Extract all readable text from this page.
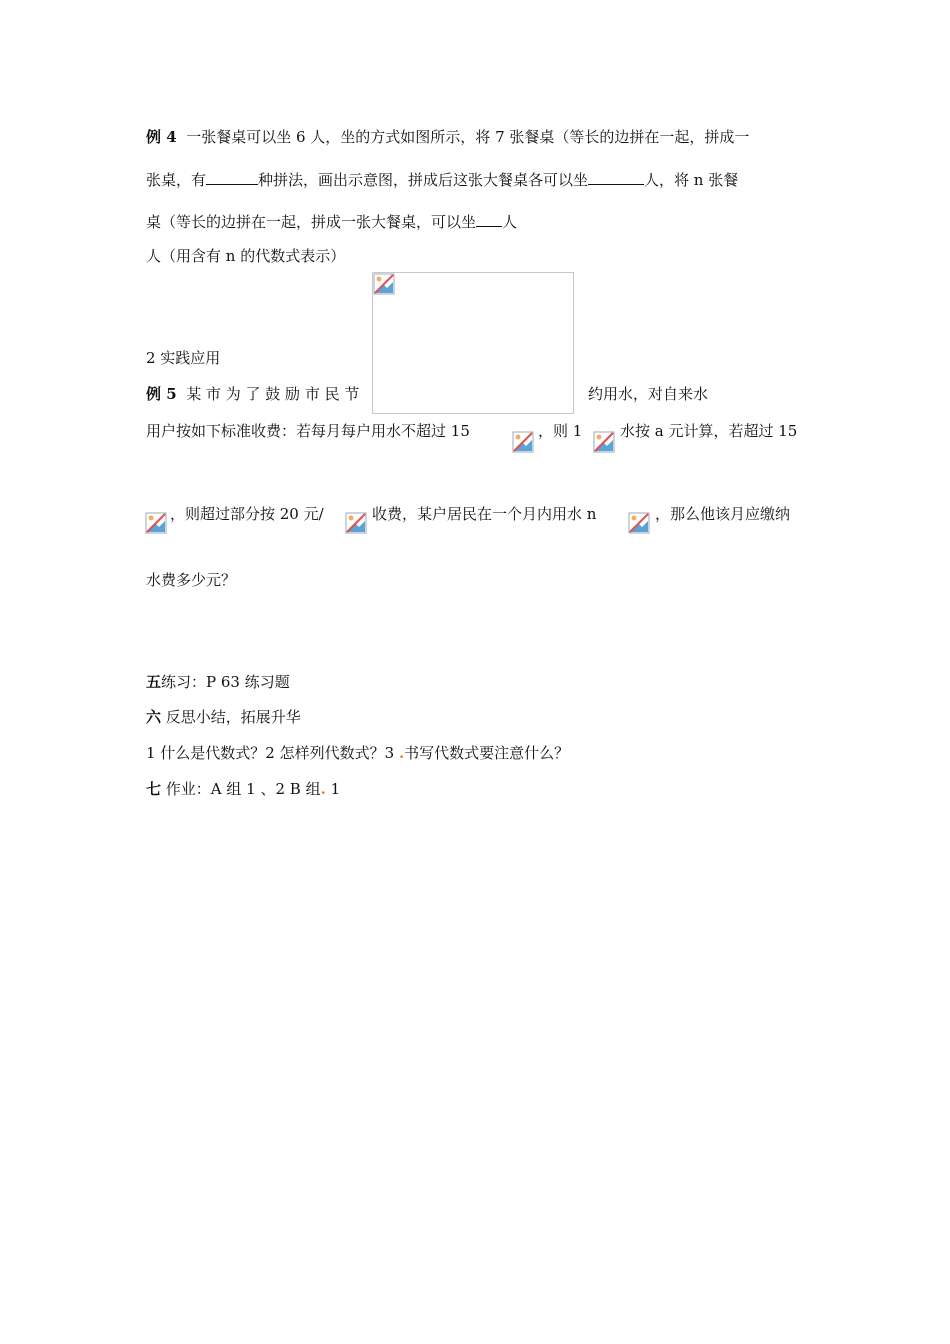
例 4 一张餐桌可以坐 6 人，坐的方式如图所示，将 7 张餐桌（等长的边拼在一起，拼成一
张桌，有	种拼法，画出示意图，拼成后这张大餐桌各可以坐	人，将 n 张餐
桌（等长的边拼在一起，拼成一张大餐桌，可以坐 人
人（用含有 n 的代数式表示）
2 实践应用
例 5 某 市 为 了 鼓 励 市 民 节	约用水，对自来水
用户按如下标准收费：若每月每户用水不超过 15	，则 1	水按 a 元计算，若超过 15
，则超过部分按 20 元/	收费，某户居民在一个月内用水 n	，那么他该月应缴纳
水费多少元？
五练习：P 63 练习题
六 反思小结，拓展升华
1 什么是代数式？2 怎样列代数式？3 .书写代数式要注意什么？
七 作业：A 组 1 、2 B 组. 1
